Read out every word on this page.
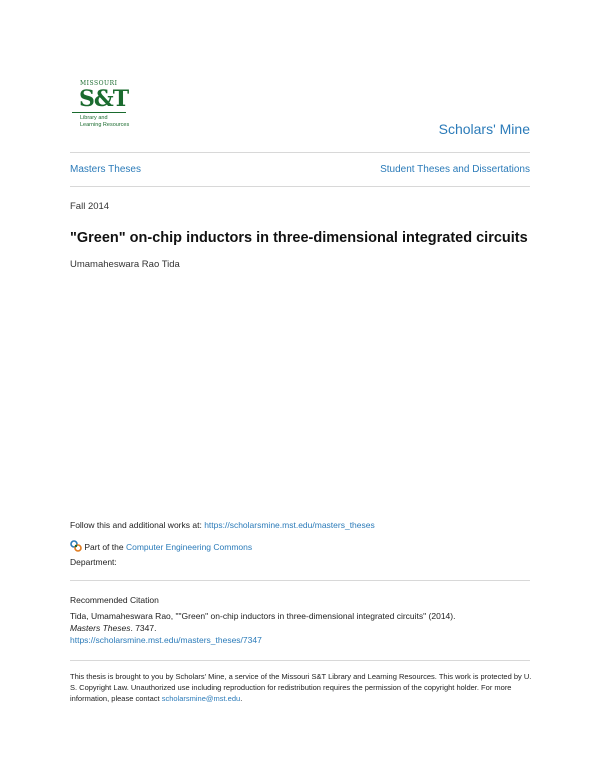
MISSOURI
S&T
Library and Learning Resources	Scholars' Mine
Masters Theses	Student Theses and Dissertations
Fall 2014
"Green" on-chip inductors in three-dimensional integrated circuits
Umamaheswara Rao Tida
Follow this and additional works at: https://scholarsmine.mst.edu/masters_theses
Part of the Computer Engineering Commons
Department:
Recommended Citation
Tida, Umamaheswara Rao, ""Green" on-chip inductors in three-dimensional integrated circuits" (2014).
Masters Theses. 7347.
https://scholarsmine.mst.edu/masters_theses/7347
This thesis is brought to you by Scholars' Mine, a service of the Missouri S&T Library and Learning Resources. This work is protected by U. S. Copyright Law. Unauthorized use including reproduction for redistribution requires the permission of the copyright holder. For more information, please contact scholarsmine@mst.edu.
